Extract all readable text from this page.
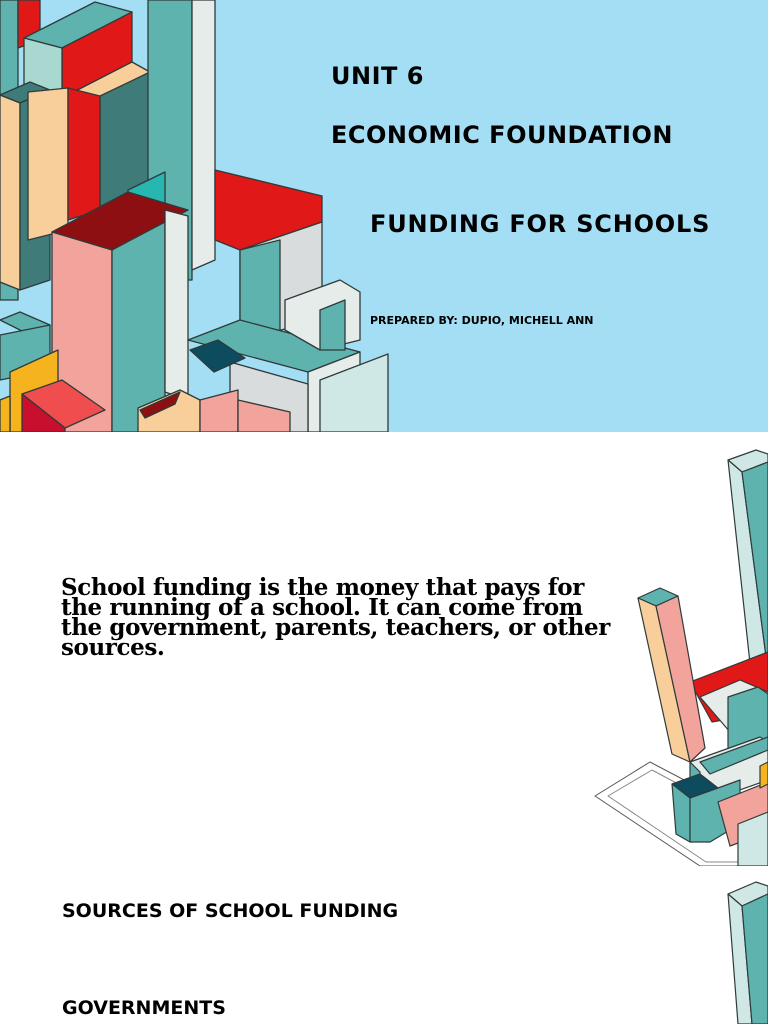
UNIT 6
ECONOMIC FOUNDATION
FUNDING FOR SCHOOLS

PREPARED BY: DUPIO, MICHELL ANN

School funding is the money that pays for the running of a school. It can come from the government, parents, teachers, or other sources.

SOURCES OF SCHOOL FUNDING
GOVERNMENTS
